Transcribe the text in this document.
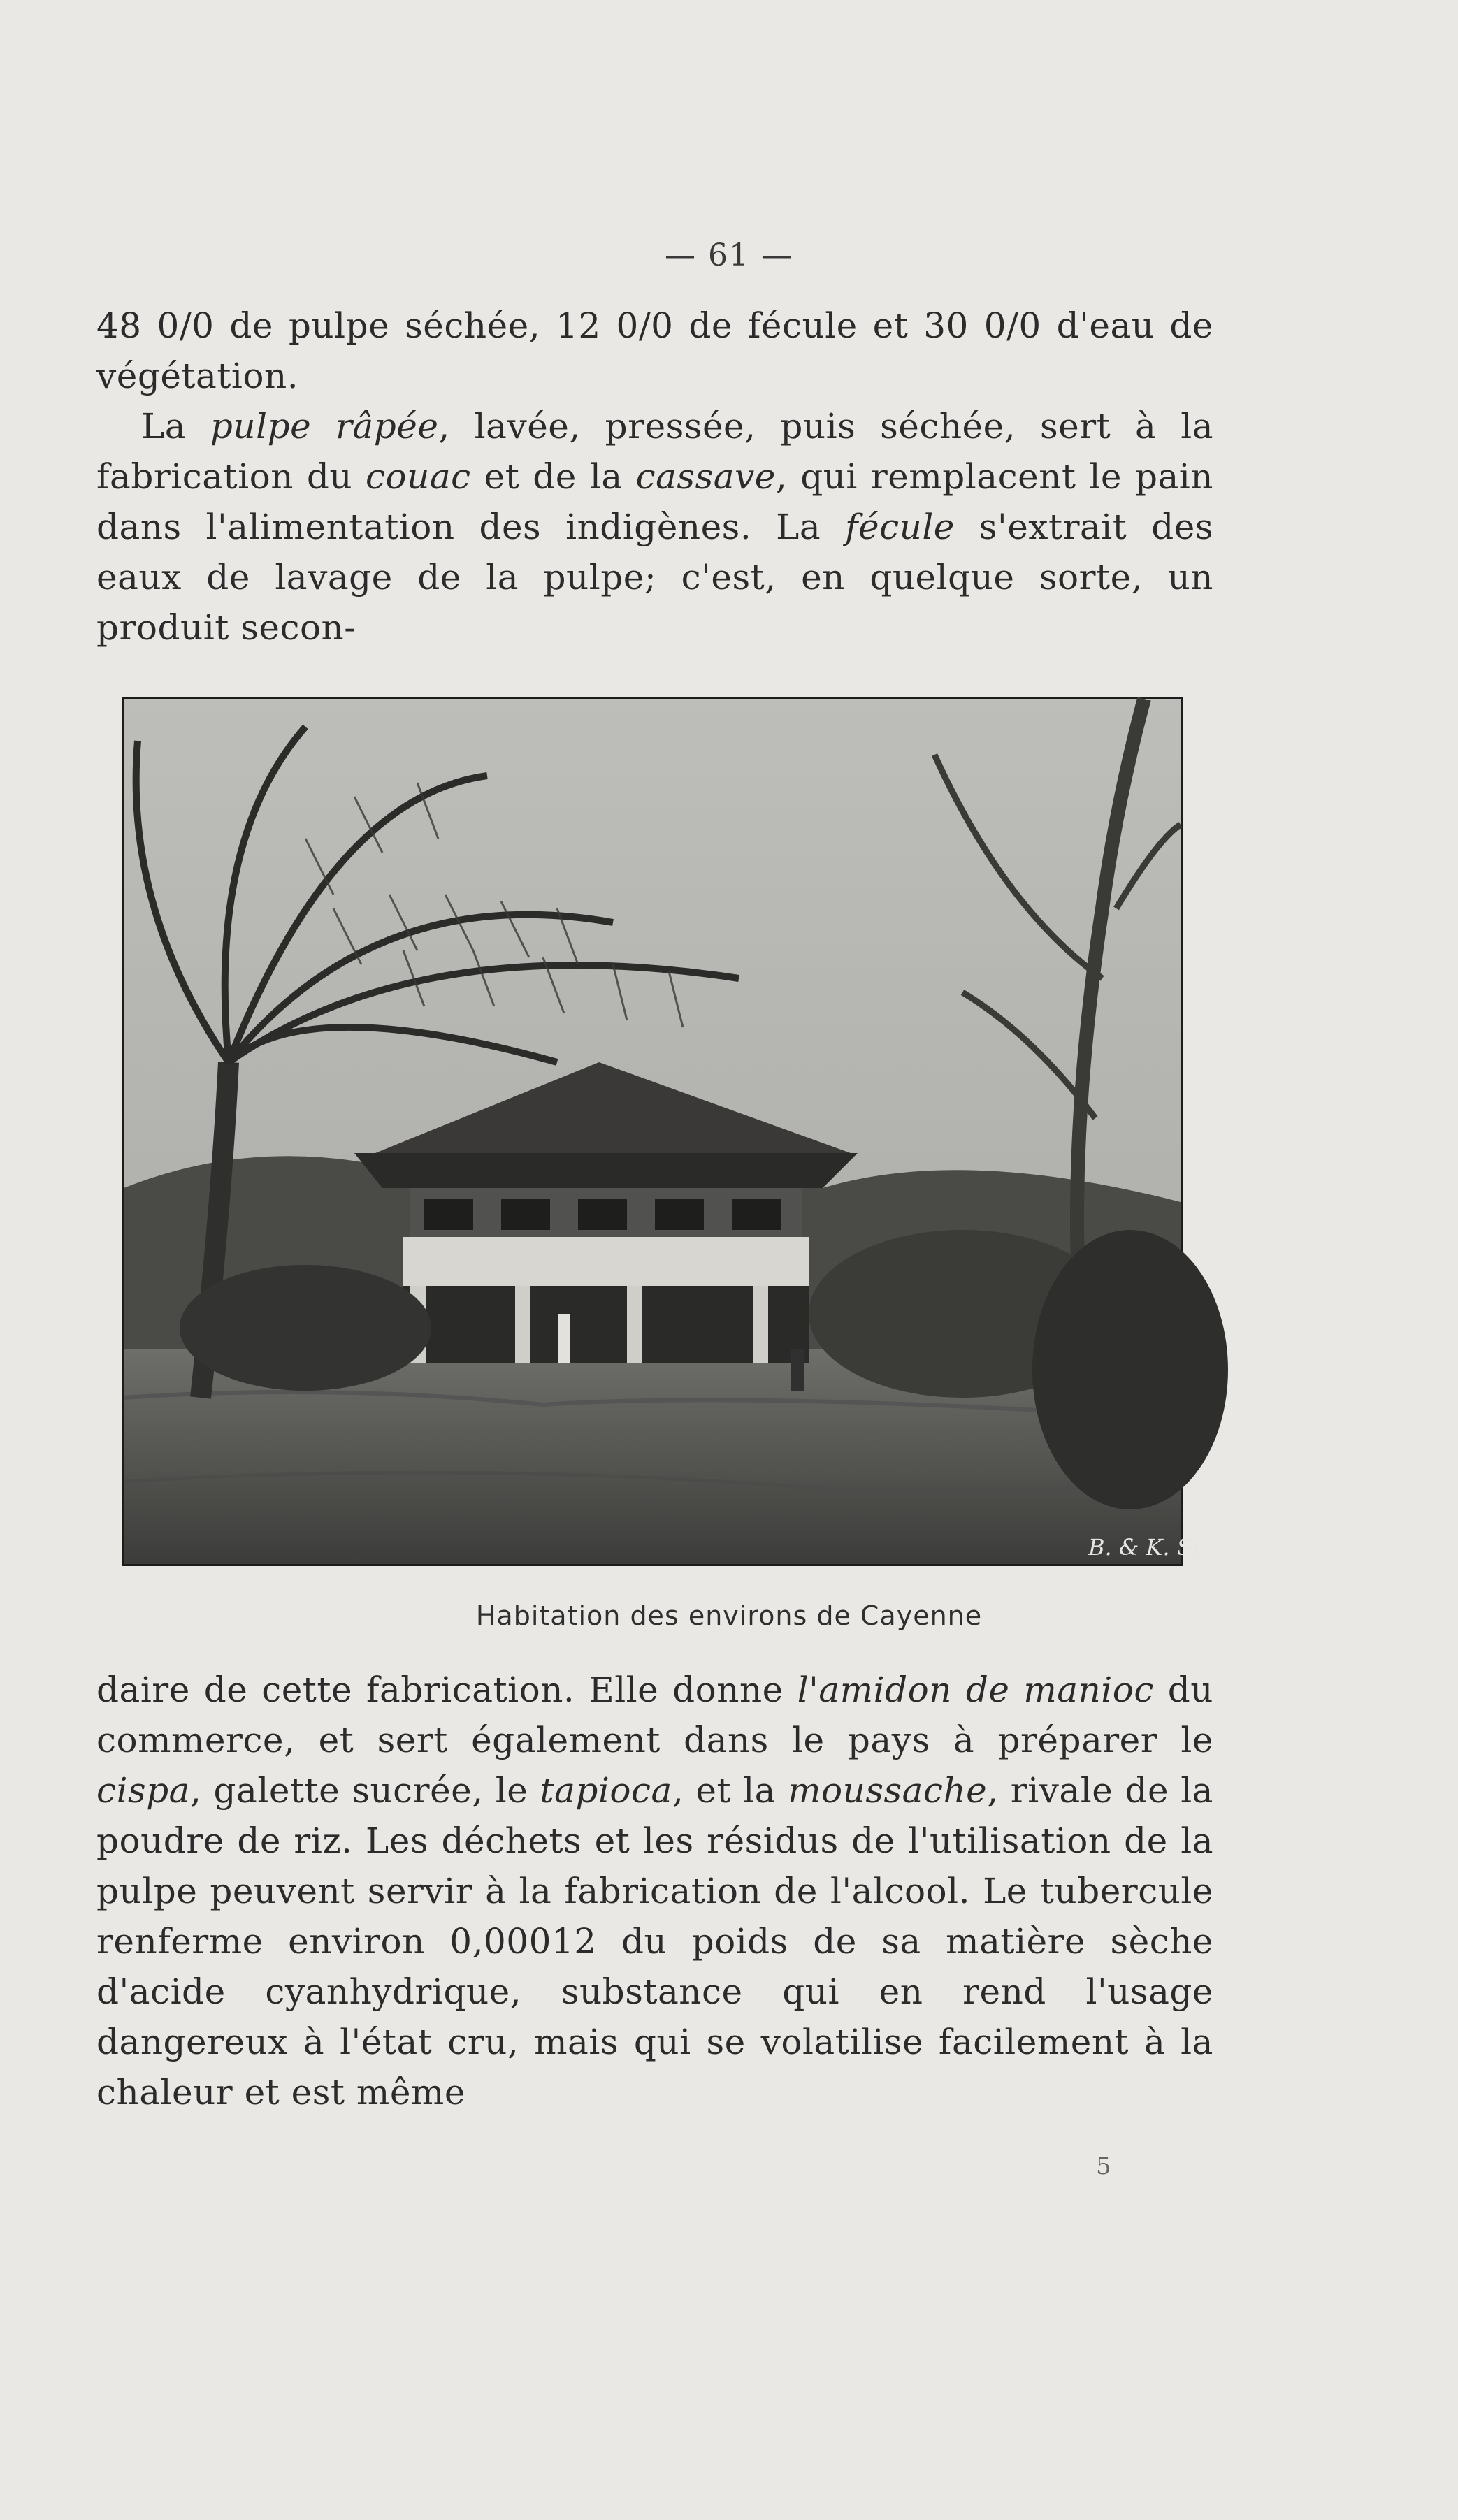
— 61 —

48 0/0 de pulpe séchée, 12 0/0 de fécule et 30 0/0 d'eau de végétation.

La pulpe râpée, lavée, pressée, puis séchée, sert à la fabrication du couac et de la cassave, qui remplacent le pain dans l'alimentation des indigènes. La fécule s'extrait des eaux de lavage de la pulpe; c'est, en quelque sorte, un produit secon-

B. & K. Sc.
Habitation des environs de Cayenne

daire de cette fabrication. Elle donne l'amidon de manioc du commerce, et sert également dans le pays à préparer le cispa, galette sucrée, le tapioca, et la moussache, rivale de la poudre de riz. Les déchets et les résidus de l'utilisation de la pulpe peuvent servir à la fabrication de l'alcool. Le tubercule renferme environ 0,00012 du poids de sa matière sèche d'acide cyanhydrique, substance qui en rend l'usage dangereux à l'état cru, mais qui se volatilise facilement à la chaleur et est même

5
